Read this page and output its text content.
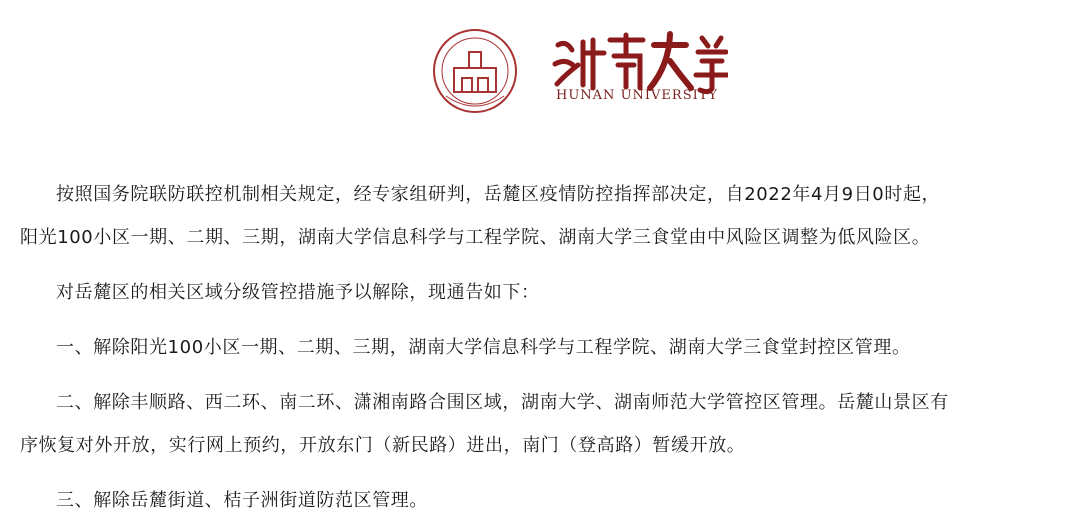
HUNAN UNIVERSITY

按照国务院联防联控机制相关规定，经专家组研判，岳麓区疫情防控指挥部决定，自2022年4月9日0时起，

阳光100小区一期、二期、三期，湖南大学信息科学与工程学院、湖南大学三食堂由中风险区调整为低风险区。

对岳麓区的相关区域分级管控措施予以解除，现通告如下：

一、解除阳光100小区一期、二期、三期，湖南大学信息科学与工程学院、湖南大学三食堂封控区管理。

二、解除丰顺路、西二环、南二环、潇湘南路合围区域，湖南大学、湖南师范大学管控区管理。岳麓山景区有

序恢复对外开放，实行网上预约，开放东门（新民路）进出，南门（登高路）暂缓开放。

三、解除岳麓街道、桔子洲街道防范区管理。
